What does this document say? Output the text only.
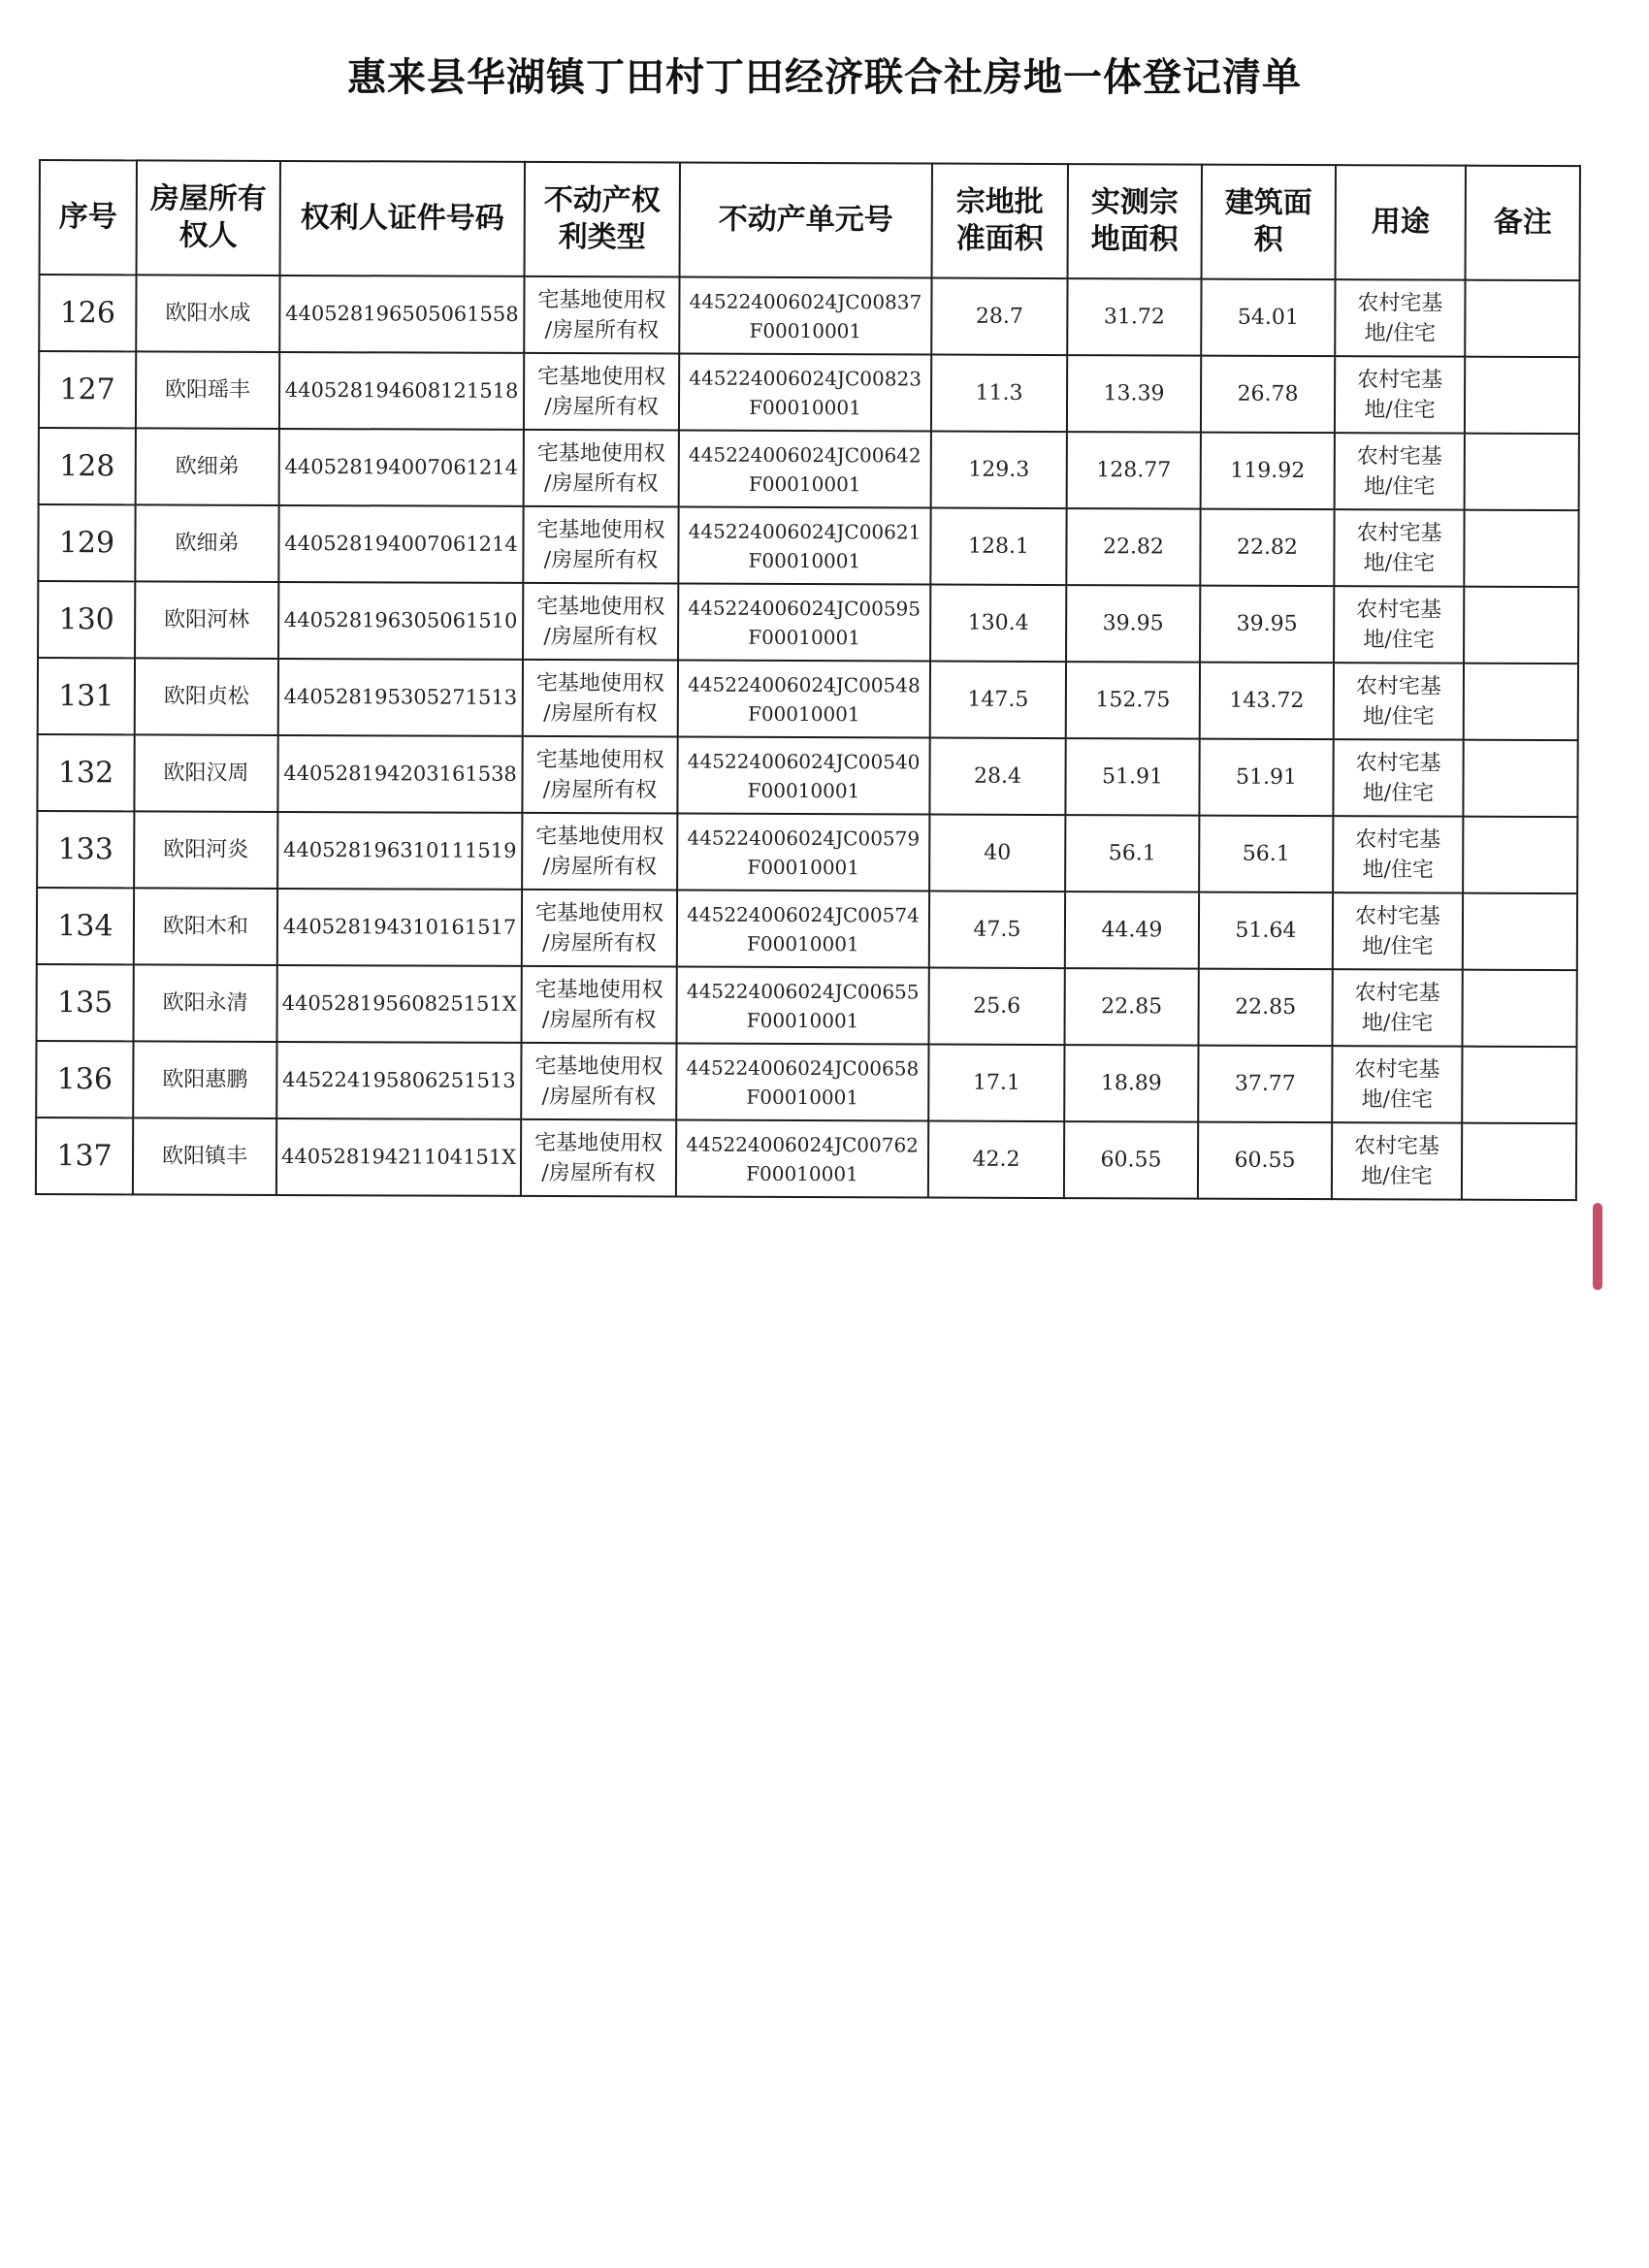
惠来县华湖镇丁田村丁田经济联合社房地一体登记清单
序号	房屋所有
权人	权利人证件号码	不动产权
利类型	不动产单元号	宗地批
准面积	实测宗
地面积	建筑面
积	用途	备注

126	欧阳水成	440528196505061558	宅基地使用权
/房屋所有权	445224006024JC00837
F00010001	28.7	31.72	54.01	农村宅基
地/住宅	

127	欧阳瑶丰	440528194608121518	宅基地使用权
/房屋所有权	445224006024JC00823
F00010001	11.3	13.39	26.78	农村宅基
地/住宅	

128	欧细弟	440528194007061214	宅基地使用权
/房屋所有权	445224006024JC00642
F00010001	129.3	128.77	119.92	农村宅基
地/住宅	

129	欧细弟	440528194007061214	宅基地使用权
/房屋所有权	445224006024JC00621
F00010001	128.1	22.82	22.82	农村宅基
地/住宅	

130	欧阳河林	440528196305061510	宅基地使用权
/房屋所有权	445224006024JC00595
F00010001	130.4	39.95	39.95	农村宅基
地/住宅	

131	欧阳贞松	440528195305271513	宅基地使用权
/房屋所有权	445224006024JC00548
F00010001	147.5	152.75	143.72	农村宅基
地/住宅	

132	欧阳汉周	440528194203161538	宅基地使用权
/房屋所有权	445224006024JC00540
F00010001	28.4	51.91	51.91	农村宅基
地/住宅	

133	欧阳河炎	440528196310111519	宅基地使用权
/房屋所有权	445224006024JC00579
F00010001	40	56.1	56.1	农村宅基
地/住宅	

134	欧阳木和	440528194310161517	宅基地使用权
/房屋所有权	445224006024JC00574
F00010001	47.5	44.49	51.64	农村宅基
地/住宅	

135	欧阳永清	44052819560825151X	宅基地使用权
/房屋所有权	445224006024JC00655
F00010001	25.6	22.85	22.85	农村宅基
地/住宅	

136	欧阳惠鹏	445224195806251513	宅基地使用权
/房屋所有权	445224006024JC00658
F00010001	17.1	18.89	37.77	农村宅基
地/住宅	

137	欧阳镇丰	44052819421104151X	宅基地使用权
/房屋所有权	445224006024JC00762
F00010001	42.2	60.55	60.55	农村宅基
地/住宅	
